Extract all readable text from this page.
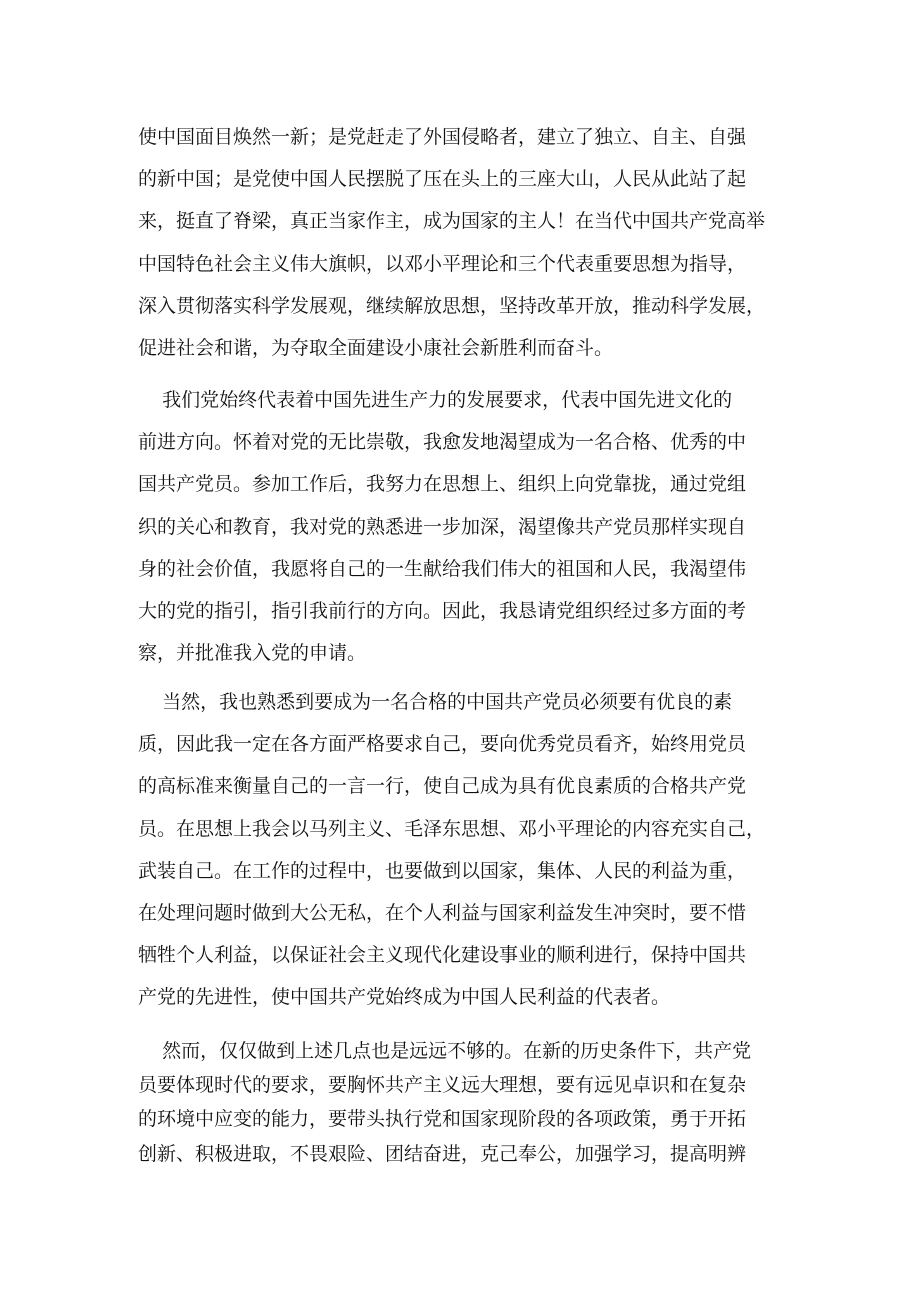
使中国面目焕然一新；是党赶走了外国侵略者，建立了独立、自主、自强
的新中国；是党使中国人民摆脱了压在头上的三座大山，人民从此站了起
来，挺直了脊梁，真正当家作主，成为国家的主人！在当代中国共产党高举
中国特色社会主义伟大旗帜，以邓小平理论和三个代表重要思想为指导，
深入贯彻落实科学发展观，继续解放思想，坚持改革开放，推动科学发展，
促进社会和谐，为夺取全面建设小康社会新胜利而奋斗。

我们党始终代表着中国先进生产力的发展要求，代表中国先进文化的
前进方向。怀着对党的无比崇敬，我愈发地渴望成为一名合格、优秀的中
国共产党员。参加工作后，我努力在思想上、组织上向党靠拢，通过党组
织的关心和教育，我对党的熟悉进一步加深，渴望像共产党员那样实现自
身的社会价值，我愿将自己的一生献给我们伟大的祖国和人民，我渴望伟
大的党的指引，指引我前行的方向。因此，我恳请党组织经过多方面的考
察，并批准我入党的申请。

当然，我也熟悉到要成为一名合格的中国共产党员必须要有优良的素
质，因此我一定在各方面严格要求自己，要向优秀党员看齐，始终用党员
的高标准来衡量自己的一言一行，使自己成为具有优良素质的合格共产党
员。在思想上我会以马列主义、毛泽东思想、邓小平理论的内容充实自己，
武装自己。在工作的过程中，也要做到以国家，集体、人民的利益为重，
在处理问题时做到大公无私，在个人利益与国家利益发生冲突时，要不惜
牺牲个人利益，以保证社会主义现代化建设事业的顺利进行，保持中国共
产党的先进性，使中国共产党始终成为中国人民利益的代表者。

然而，仅仅做到上述几点也是远远不够的。在新的历史条件下，共产党
员要体现时代的要求，要胸怀共产主义远大理想，要有远见卓识和在复杂
的环境中应变的能力，要带头执行党和国家现阶段的各项政策，勇于开拓
创新、积极进取，不畏艰险、团结奋进，克己奉公，加强学习，提高明辨
